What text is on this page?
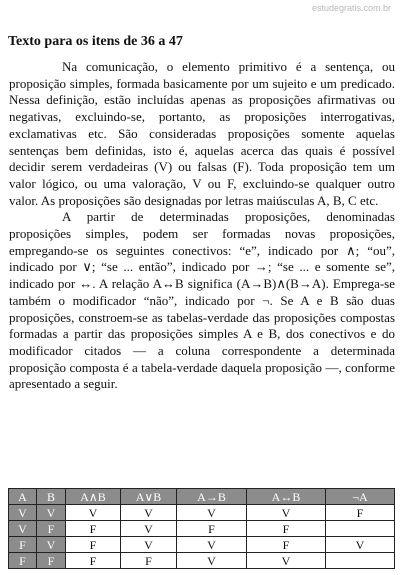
estudegratis.com.br
Texto para os itens de 36 a 47

Na comunicação, o elemento primitivo é a sentença, ou proposição simples, formada basicamente por um sujeito e um predicado. Nessa definição, estão incluídas apenas as proposições afirmativas ou negativas, excluindo-se, portanto, as proposições interrogativas, exclamativas etc. São consideradas proposições somente aquelas sentenças bem definidas, isto é, aquelas acerca das quais é possível decidir serem verdadeiras (V) ou falsas (F). Toda proposição tem um valor lógico, ou uma valoração, V ou F, excluindo-se qualquer outro valor. As proposições são designadas por letras maiúsculas A, B, C etc.

A partir de determinadas proposições, denominadas proposições simples, podem ser formadas novas proposições, empregando-se os seguintes conectivos: “e”, indicado por ∧; “ou”, indicado por ∨; “se ... então”, indicado por →; “se ... e somente se”, indicado por ↔. A relação A↔B significa (A→B)∧(B→A). Emprega-se também o modificador “não”, indicado por ¬. Se A e B são duas proposições, constroem-se as tabelas-verdade das proposições compostas formadas a partir das proposições simples A e B, dos conectivos e do modificador citados — a coluna correspondente a determinada proposição composta é a tabela-verdade daquela proposição —, conforme apresentado a seguir.

A	B	A∧B	A∨B	A→B	A↔B	¬A
V	V	V	V	V	V	F
V	F	F	V	F	F	
F	V	F	V	V	F	V
F	F	F	F	V	V	
